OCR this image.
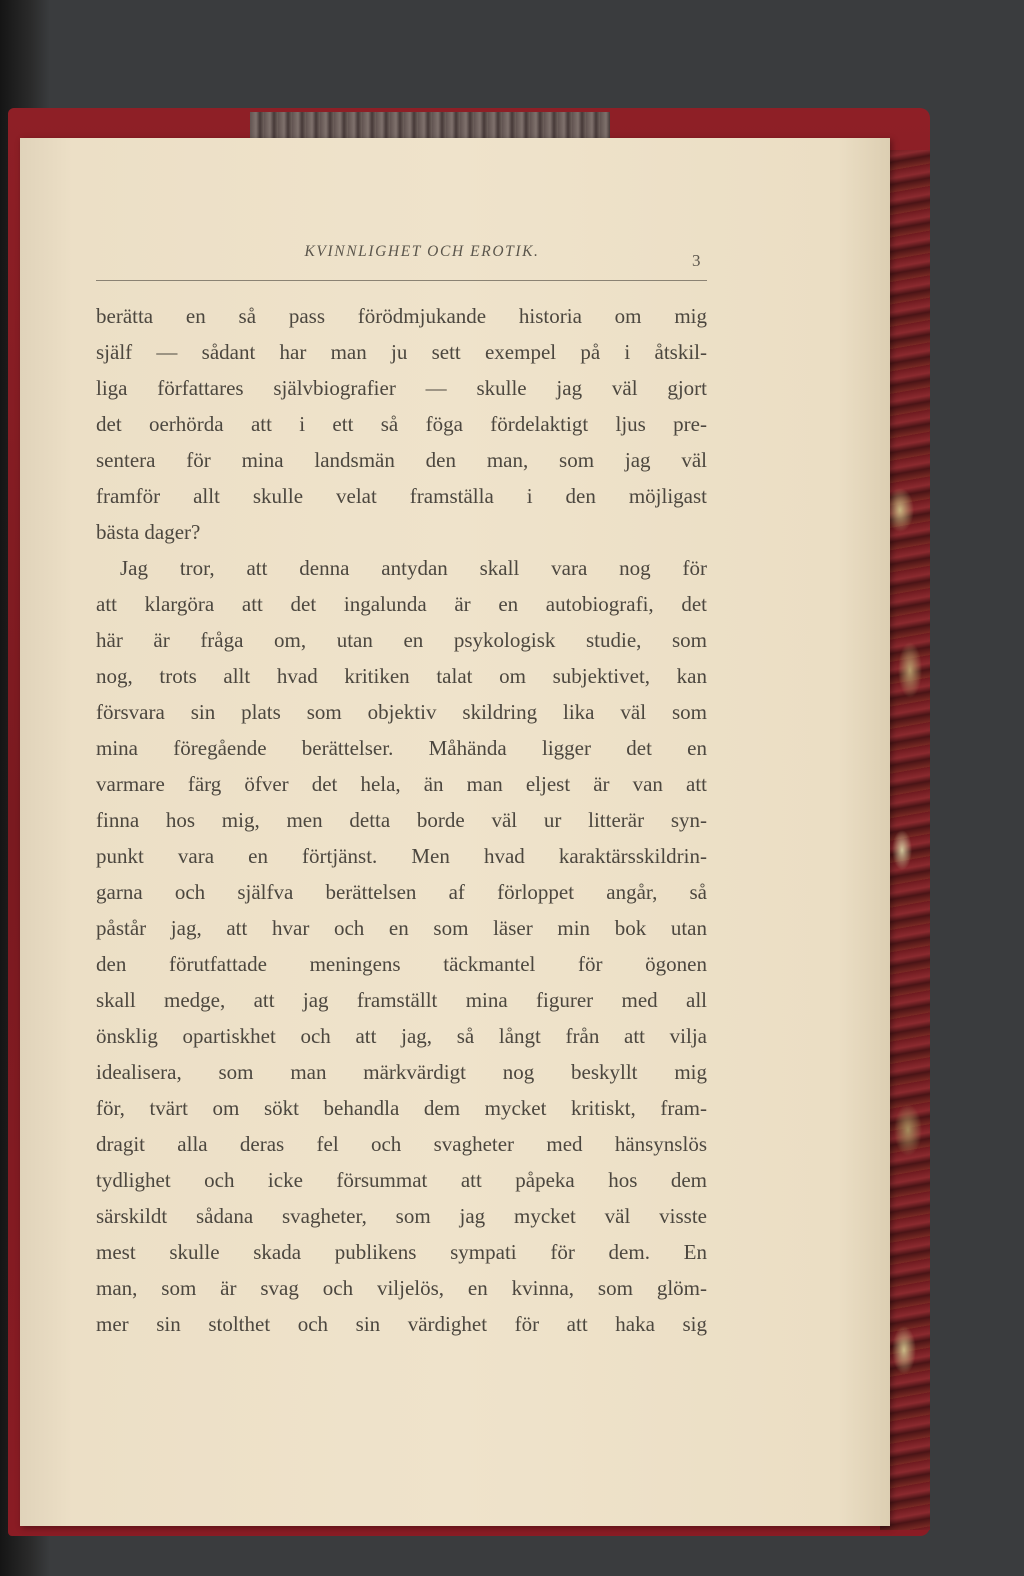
KVINNLIGHET OCH EROTIK.	3
berätta en så pass förödmjukande historia om mig
själf — sådant har man ju sett exempel på i åtskil-
liga författares självbiografier — skulle jag väl gjort
det oerhörda att i ett så föga fördelaktigt ljus pre-
sentera för mina landsmän den man, som jag väl
framför allt skulle velat framställa i den möjligast
bästa dager?
Jag tror, att denna antydan skall vara nog för
att klargöra att det ingalunda är en autobiografi, det
här är fråga om, utan en psykologisk studie, som
nog, trots allt hvad kritiken talat om subjektivet, kan
försvara sin plats som objektiv skildring lika väl som
mina föregående berättelser. Måhända ligger det en
varmare färg öfver det hela, än man eljest är van att
finna hos mig, men detta borde väl ur litterär syn-
punkt vara en förtjänst. Men hvad karaktärsskildrin-
garna och själfva berättelsen af förloppet angår, så
påstår jag, att hvar och en som läser min bok utan
den förutfattade meningens täckmantel för ögonen
skall medge, att jag framställt mina figurer med all
önsklig opartiskhet och att jag, så långt från att vilja
idealisera, som man märkvärdigt nog beskyllt mig
för, tvärt om sökt behandla dem mycket kritiskt, fram-
dragit alla deras fel och svagheter med hänsynslös
tydlighet och icke försummat att påpeka hos dem
särskildt sådana svagheter, som jag mycket väl visste
mest skulle skada publikens sympati för dem. En
man, som är svag och viljelös, en kvinna, som glöm-
mer sin stolthet och sin värdighet för att haka sig
